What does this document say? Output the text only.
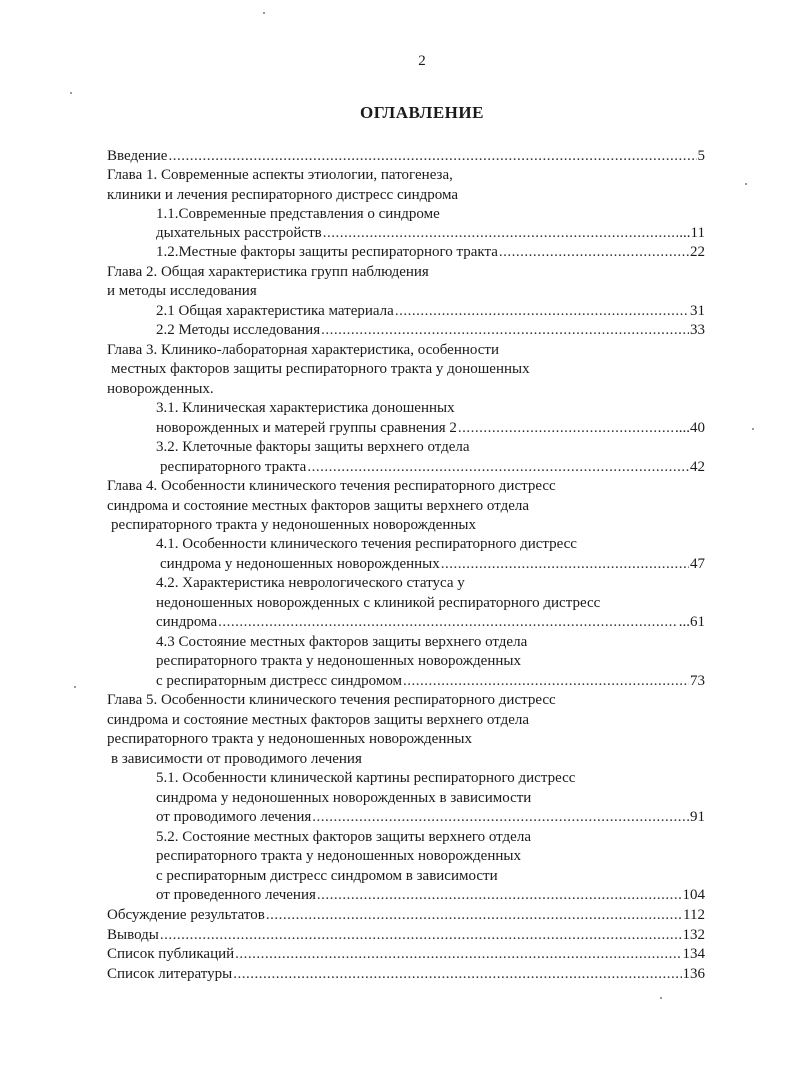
2
ОГЛАВЛЕНИЕ
Введение .....	5
Глава 1. Современные аспекты этиологии, патогенеза,
клиники и лечения респираторного дистресс синдрома
1.1.Современные представления о синдроме
дыхательных расстройств .....	...11
1.2.Местные факторы защиты респираторного тракта .....	22
Глава 2. Общая характеристика групп наблюдения
и методы исследования
2.1 Общая характеристика материала .....	31
2.2 Методы исследования .....	33
Глава 3. Клинико-лабораторная характеристика, особенности
местных факторов защиты респираторного тракта у доношенных
новорожденных.
3.1. Клиническая характеристика доношенных
новорожденных и матерей группы сравнения 2 .....	....40
3.2. Клеточные факторы защиты верхнего отдела
респираторного тракта .....	42
Глава 4. Особенности клинического течения респираторного дистресс
синдрома и состояние местных факторов защиты верхнего отдела
респираторного тракта у недоношенных новорожденных
4.1. Особенности клинического течения респираторного дистресс
синдрома у недоношенных новорожденных .....	47
4.2. Характеристика неврологического статуса у
недоношенных новорожденных с клиникой респираторного дистресс
синдрома .....	...61
4.3 Состояние местных факторов защиты верхнего отдела
респираторного тракта у недоношенных новорожденных
с респираторным дистресс синдромом .....	73
Глава 5. Особенности клинического течения респираторного дистресс
синдрома и состояние местных факторов защиты верхнего отдела
респираторного тракта у недоношенных новорожденных
в зависимости от проводимого лечения
5.1. Особенности клинической картины респираторного дистресс
синдрома у недоношенных новорожденных в зависимости
от проводимого лечения .....	91
5.2. Состояние местных факторов защиты верхнего отдела
респираторного тракта у недоношенных новорожденных
с респираторным дистресс синдромом в зависимости
от проведенного лечения .....	104
Обсуждение результатов .....	112
Выводы .....	132
Список публикаций .....	134
Список литературы .....	136
